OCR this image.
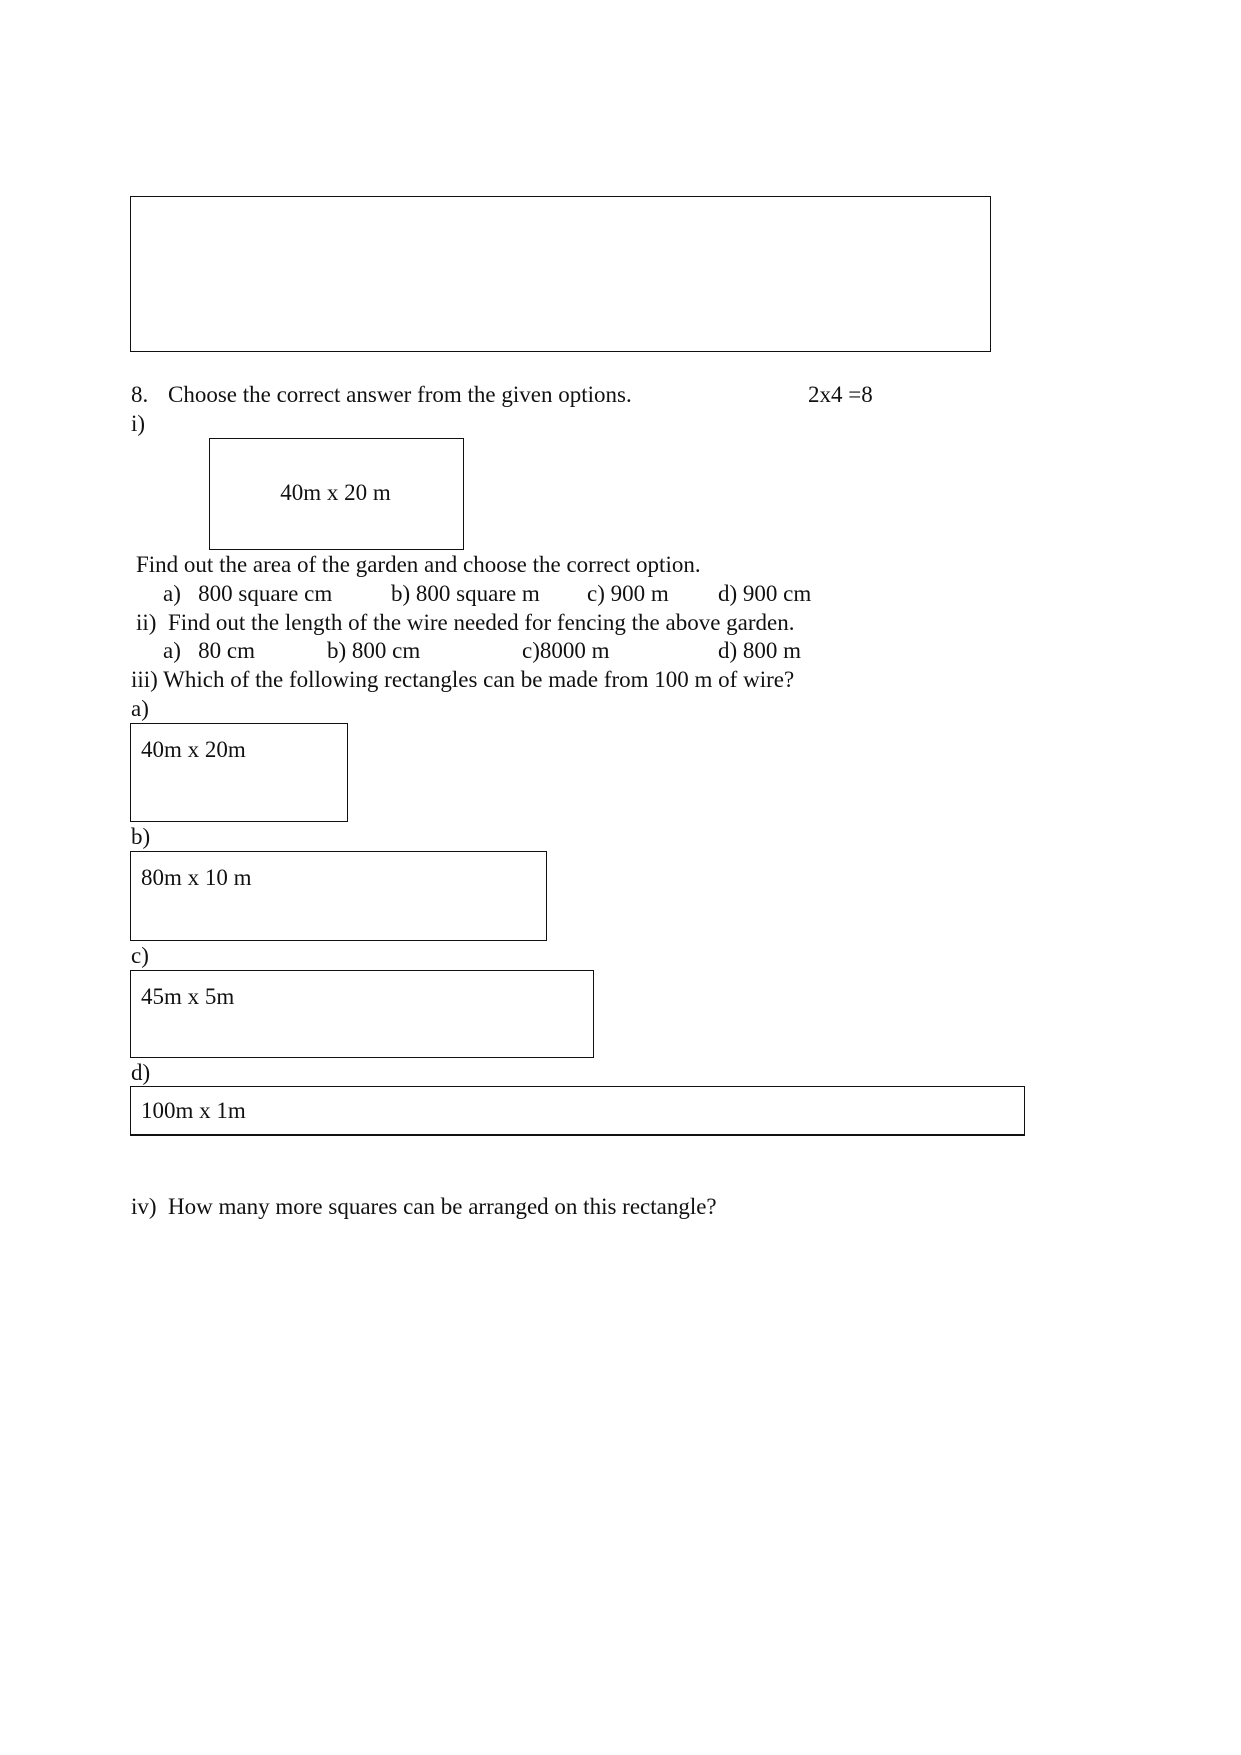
8. Choose the correct answer from the given options.	2x4 =8
i)
40m x 20 m
Find out the area of the garden and choose the correct option.
a)   800 square cm	b) 800 square m c) 900 m d) 900 cm
ii)  Find out the length of the wire needed for fencing the above garden.
a)   80 cm	b) 800 cm	c)8000 m	d) 800 m
iii) Which of the following rectangles can be made from 100 m of wire?
a)
40m x 20m
b)
80m x 10 m
c)
45m x 5m
d)
100m x 1m
iv)  How many more squares can be arranged on this rectangle?
